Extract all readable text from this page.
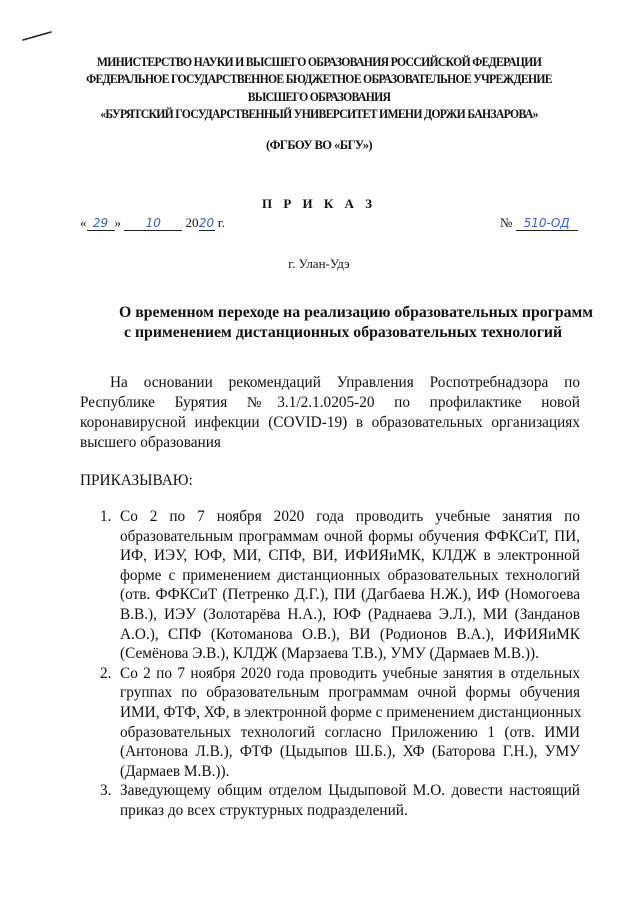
МИНИСТЕРСТВО НАУКИ И ВЫСШЕГО ОБРАЗОВАНИЯ РОССИЙСКОЙ ФЕДЕРАЦИИ
ФЕДЕРАЛЬНОЕ ГОСУДАРСТВЕННОЕ БЮДЖЕТНОЕ ОБРАЗОВАТЕЛЬНОЕ УЧРЕЖДЕНИЕ
ВЫСШЕГО ОБРАЗОВАНИЯ
«БУРЯТСКИЙ ГОСУДАРСТВЕННЫЙ УНИВЕРСИТЕТ ИМЕНИ ДОРЖИ БАНЗАРОВА»
(ФГБОУ ВО «БГУ»)
П Р И К А З
« 29 » 10 2020 г.	№ 510-ОД
г. Улан-Удэ
О временном переходе на реализацию образовательных программ
с применением дистанционных образовательных технологий
На основании рекомендаций Управления Роспотребнадзора по
Республике Бурятия №3.1/2.1.0205-20 по профилактике новой
коронавирусной инфекции (COVID-19) в образовательных организациях
высшего образования
ПРИКАЗЫВАЮ:
1. Со 2 по 7 ноября 2020 года проводить учебные занятия по
образовательным программам очной формы обучения ФФКСиТ, ПИ,
ИФ, ИЭУ, ЮФ, МИ, СПФ, ВИ, ИФИЯиМК, КЛДЖ в электронной
форме с применением дистанционных образовательных технологий
(отв. ФФКСиТ (Петренко Д.Г.), ПИ (Дагбаева Н.Ж.), ИФ (Номогоева
В.В.), ИЭУ (Золотарёва Н.А.), ЮФ (Раднаева Э.Л.), МИ (Занданов
А.О.), СПФ (Котоманова О.В.), ВИ (Родионов В.А.), ИФИЯиМК
(Семёнова Э.В.), КЛДЖ (Марзаева Т.В.), УМУ (Дармаев М.В.)).
2. Со 2 по 7 ноября 2020 года проводить учебные занятия в отдельных
группах по образовательным программам очной формы обучения
ИМИ, ФТФ, ХФ, в электронной форме с применением дистанционных
образовательных технологий согласно Приложению 1 (отв. ИМИ
(Антонова Л.В.), ФТФ (Цыдыпов Ш.Б.), ХФ (Баторова Г.Н.), УМУ
(Дармаев М.В.)).
3. Заведующему общим отделом Цыдыповой М.О. довести настоящий
приказ до всех структурных подразделений.
